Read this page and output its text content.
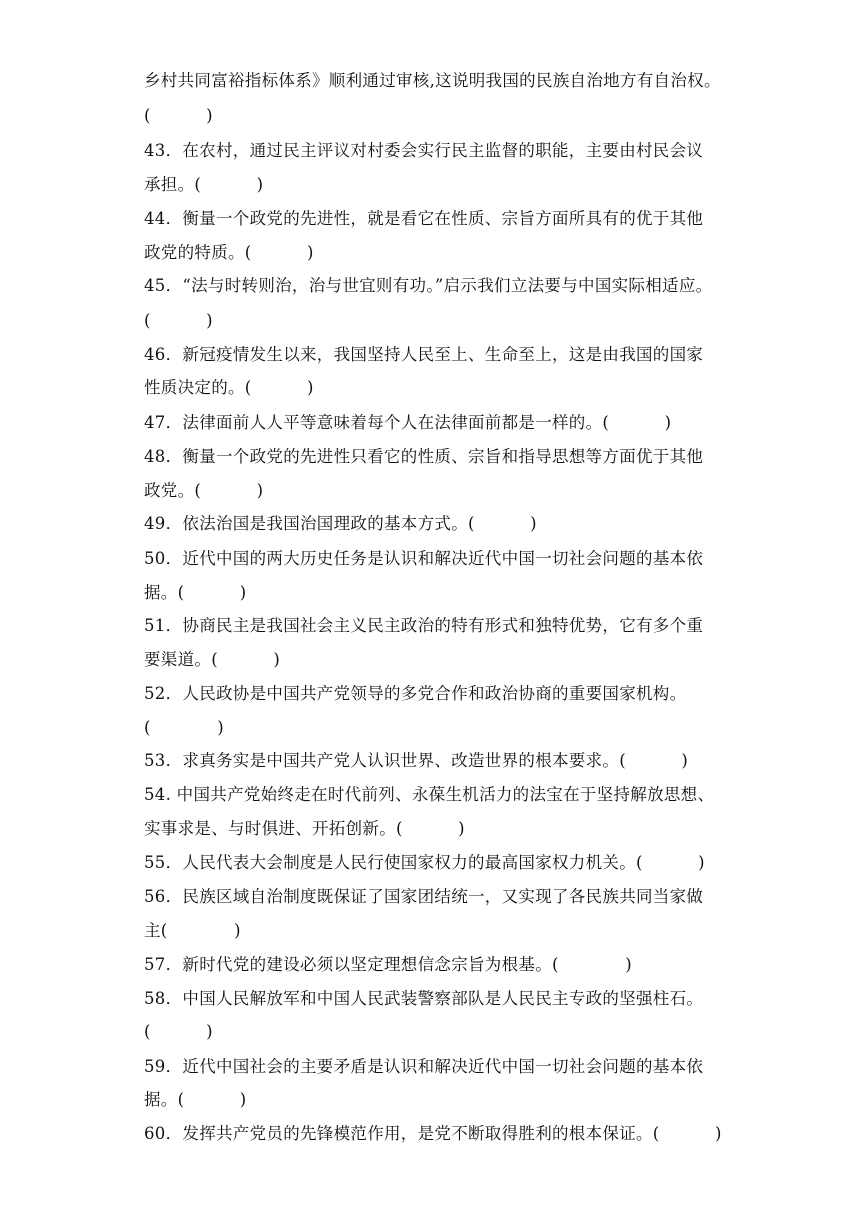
乡村共同富裕指标体系》顺利通过审核,这说明我国的民族自治地方有自治权。
(          )
43．在农村，通过民主评议对村委会实行民主监督的职能，主要由村民会议
承担。(          )
44．衡量一个政党的先进性，就是看它在性质、宗旨方面所具有的优于其他
政党的特质。(          )
45．“法与时转则治，治与世宜则有功。”启示我们立法要与中国实际相适应。
(          )
46．新冠疫情发生以来，我国坚持人民至上、生命至上，这是由我国的国家
性质决定的。(          )
47．法律面前人人平等意味着每个人在法律面前都是一样的。(          )
48．衡量一个政党的先进性只看它的性质、宗旨和指导思想等方面优于其他
政党。(          )
49．依法治国是我国治国理政的基本方式。(          )
50．近代中国的两大历史任务是认识和解决近代中国一切社会问题的基本依
据。(          )
51．协商民主是我国社会主义民主政治的特有形式和独特优势，它有多个重
要渠道。(          )
52．人民政协是中国共产党领导的多党合作和政治协商的重要国家机构。
(            )
53．求真务实是中国共产党人认识世界、改造世界的根本要求。(          )
54. 中国共产党始终走在时代前列、永葆生机活力的法宝在于坚持解放思想、
实事求是、与时俱进、开拓创新。(          )
55．人民代表大会制度是人民行使国家权力的最高国家权力机关。(          )
56．民族区域自治制度既保证了国家团结统一，又实现了各民族共同当家做
主(            )
57．新时代党的建设必须以坚定理想信念宗旨为根基。(            )
58．中国人民解放军和中国人民武装警察部队是人民民主专政的坚强柱石。
(          )
59．近代中国社会的主要矛盾是认识和解决近代中国一切社会问题的基本依
据。(          )
60．发挥共产党员的先锋模范作用，是党不断取得胜利的根本保证。(          )
